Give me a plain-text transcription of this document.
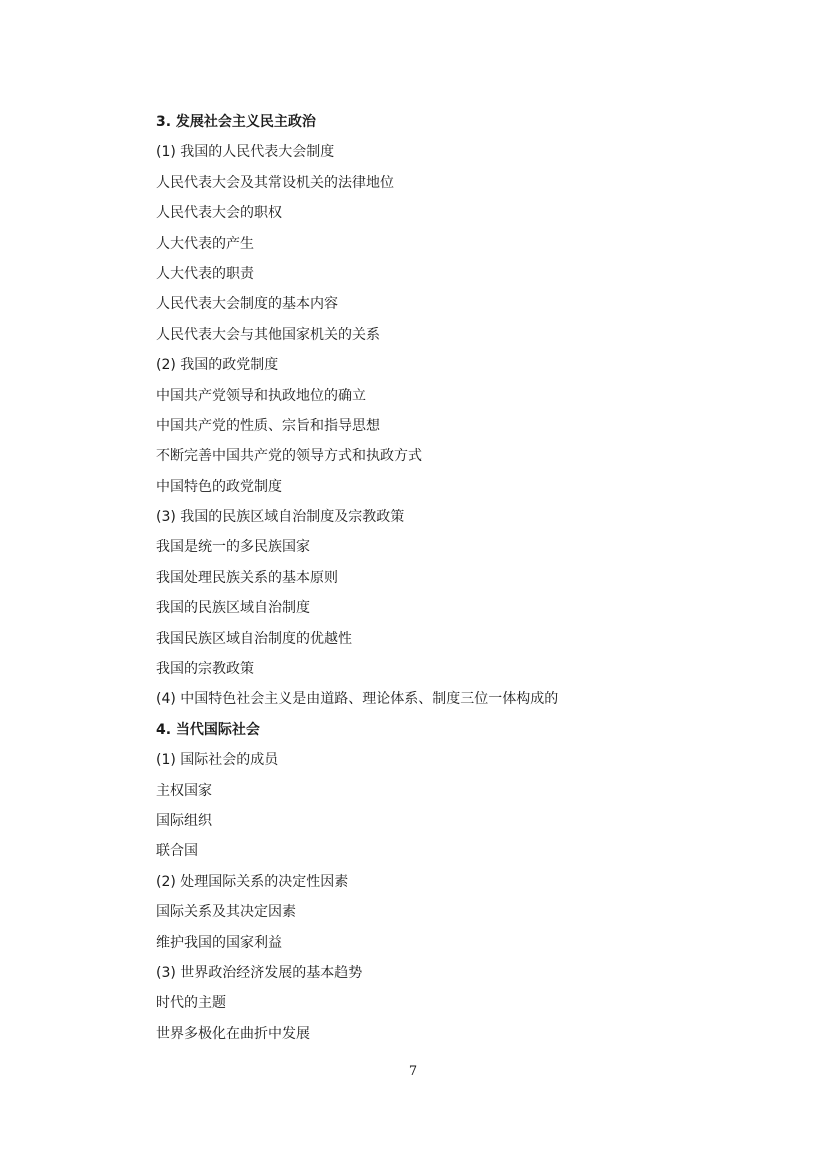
3. 发展社会主义民主政治
(1) 我国的人民代表大会制度
人民代表大会及其常设机关的法律地位
人民代表大会的职权
人大代表的产生
人大代表的职责
人民代表大会制度的基本内容
人民代表大会与其他国家机关的关系
(2) 我国的政党制度
中国共产党领导和执政地位的确立
中国共产党的性质、宗旨和指导思想
不断完善中国共产党的领导方式和执政方式
中国特色的政党制度
(3) 我国的民族区域自治制度及宗教政策
我国是统一的多民族国家
我国处理民族关系的基本原则
我国的民族区域自治制度
我国民族区域自治制度的优越性
我国的宗教政策
(4) 中国特色社会主义是由道路、理论体系、制度三位一体构成的
4. 当代国际社会
(1) 国际社会的成员
主权国家
国际组织
联合国
(2) 处理国际关系的决定性因素
国际关系及其决定因素
维护我国的国家利益
(3) 世界政治经济发展的基本趋势
时代的主题
世界多极化在曲折中发展
7
